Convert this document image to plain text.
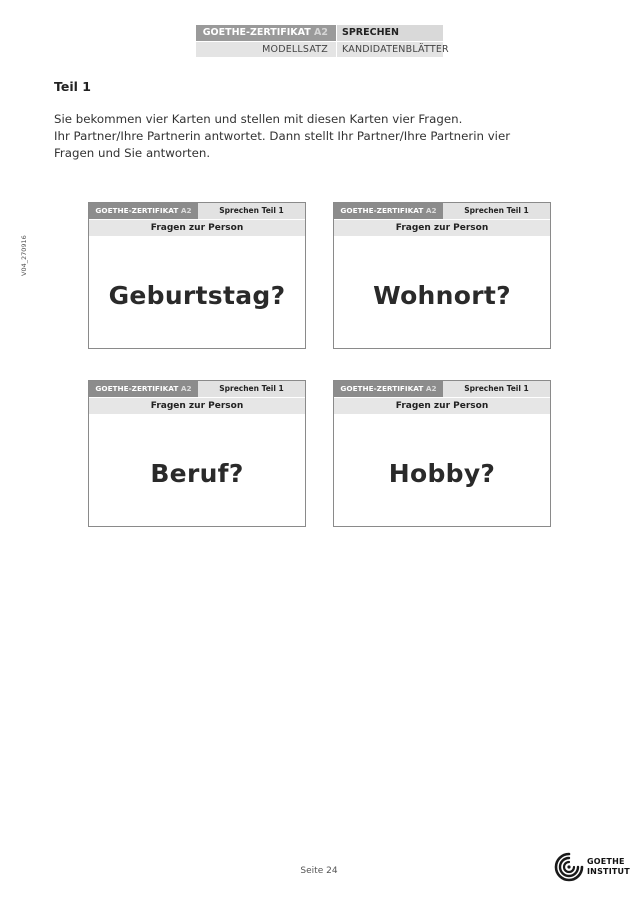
GOETHE-ZERTIFIKAT A2	SPRECHEN
MODELLSATZ	KANDIDATENBLÄTTER
V04_270916
Teil 1
Sie bekommen vier Karten und stellen mit diesen Karten vier Fragen.
Ihr Partner/Ihre Partnerin antwortet. Dann stellt Ihr Partner/Ihre Partnerin vier
Fragen und Sie antworten.
GOETHE-ZERTIFIKAT A2	Sprechen Teil 1
Fragen zur Person
Geburtstag?
GOETHE-ZERTIFIKAT A2	Sprechen Teil 1
Fragen zur Person
Wohnort?
GOETHE-ZERTIFIKAT A2	Sprechen Teil 1
Fragen zur Person
Beruf?
GOETHE-ZERTIFIKAT A2	Sprechen Teil 1
Fragen zur Person
Hobby?
Seite 24
GOETHE
INSTITUT
